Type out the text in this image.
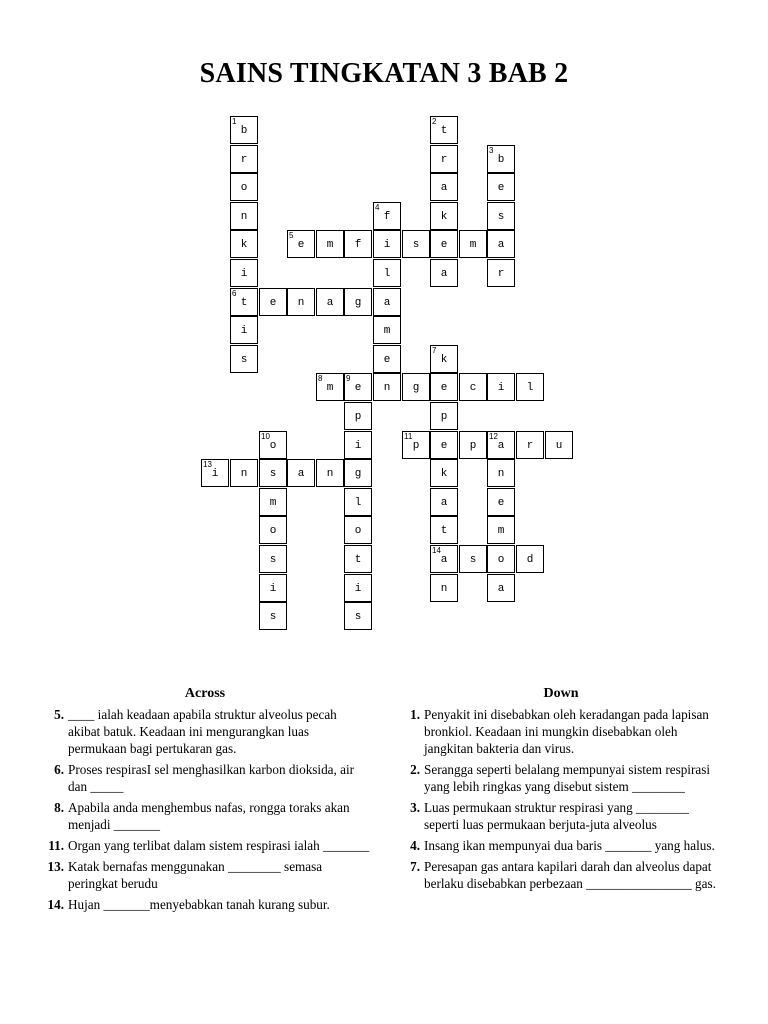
SAINS TINGKATAN 3 BAB 2
1
b
r
o
n
k
i
6
t
i
s
2
t
r
a
k
e
a
3
b
e
s
a
r
4
f
i
l
a
m
e
n
5
e	m	f	s	m
e	n	a	g
7
k
e
p
e
k
a
t
14
a
n
8
m
9
e	g	c	i	l
p
i
g
l
o
t
i
s
10
o
s
m
o
s
i
s
11
p	p
12
a	r	u
n
e
m
o
a
13
i	n	a	n
s	d
Across
5. ____ ialah keadaan apabila struktur alveolus pecah akibat batuk. Keadaan ini mengurangkan luas permukaan bagi pertukaran gas.
6. Proses respirasI sel menghasilkan karbon dioksida, air dan _____
8. Apabila anda menghembus nafas, rongga toraks akan menjadi _______
11. Organ yang terlibat dalam sistem respirasi ialah _______
13. Katak bernafas menggunakan ________ semasa peringkat berudu
14. Hujan _______menyebabkan tanah kurang subur.
Down
1. Penyakit ini disebabkan oleh keradangan pada lapisan bronkiol. Keadaan ini mungkin disebabkan oleh jangkitan bakteria dan virus.
2. Serangga seperti belalang mempunyai sistem respirasi yang lebih ringkas yang disebut sistem ________
3. Luas permukaan struktur respirasi yang ________ seperti luas permukaan berjuta-juta alveolus
4. Insang ikan mempunyai dua baris _______ yang halus.
7. Peresapan gas antara kapilari darah dan alveolus dapat berlaku disebabkan perbezaan ________________ gas.
